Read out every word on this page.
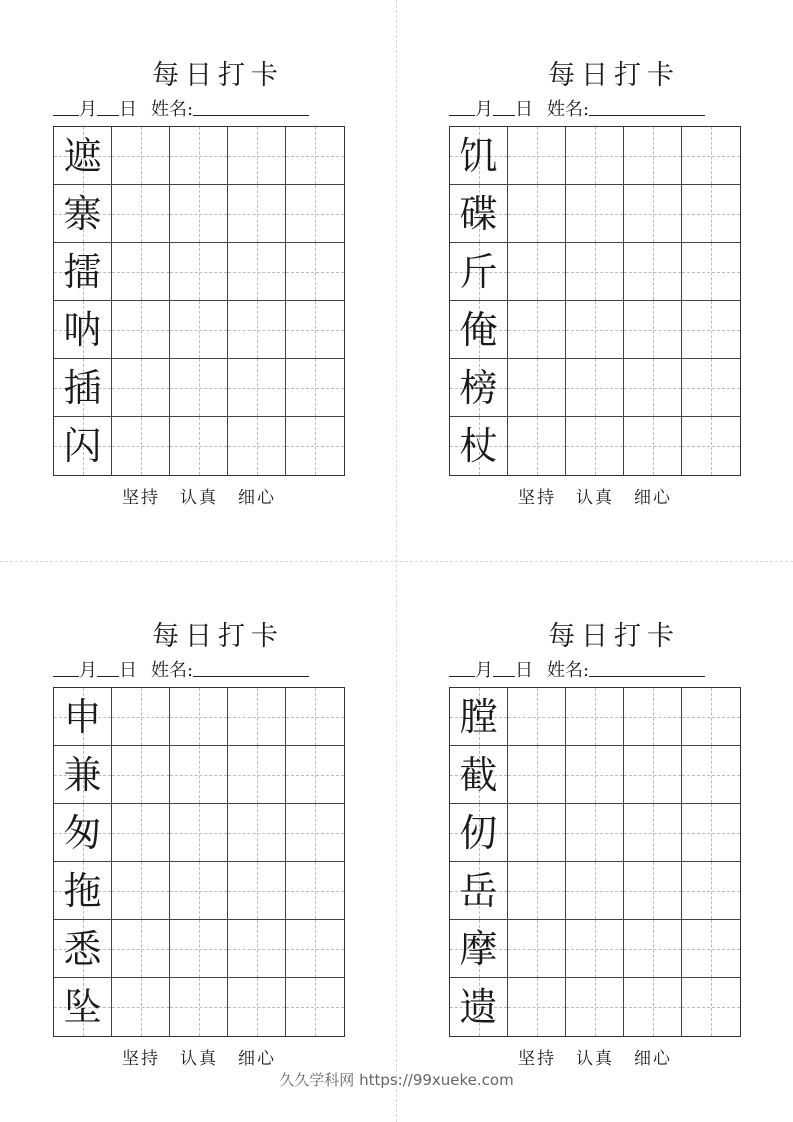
每日打卡
月 日 姓名:
遮
寨
擂
呐
插
闪
坚持 认真 细心
每日打卡
月 日 姓名:
饥
碟
斤
俺
榜
杖
坚持 认真 细心
每日打卡
月 日 姓名:
申
兼
匆
拖
悉
坠
坚持 认真 细心
每日打卡
月 日 姓名:
膛
截
仞
岳
摩
遗
坚持 认真 细心
久久学科网 https://99xueke.com
